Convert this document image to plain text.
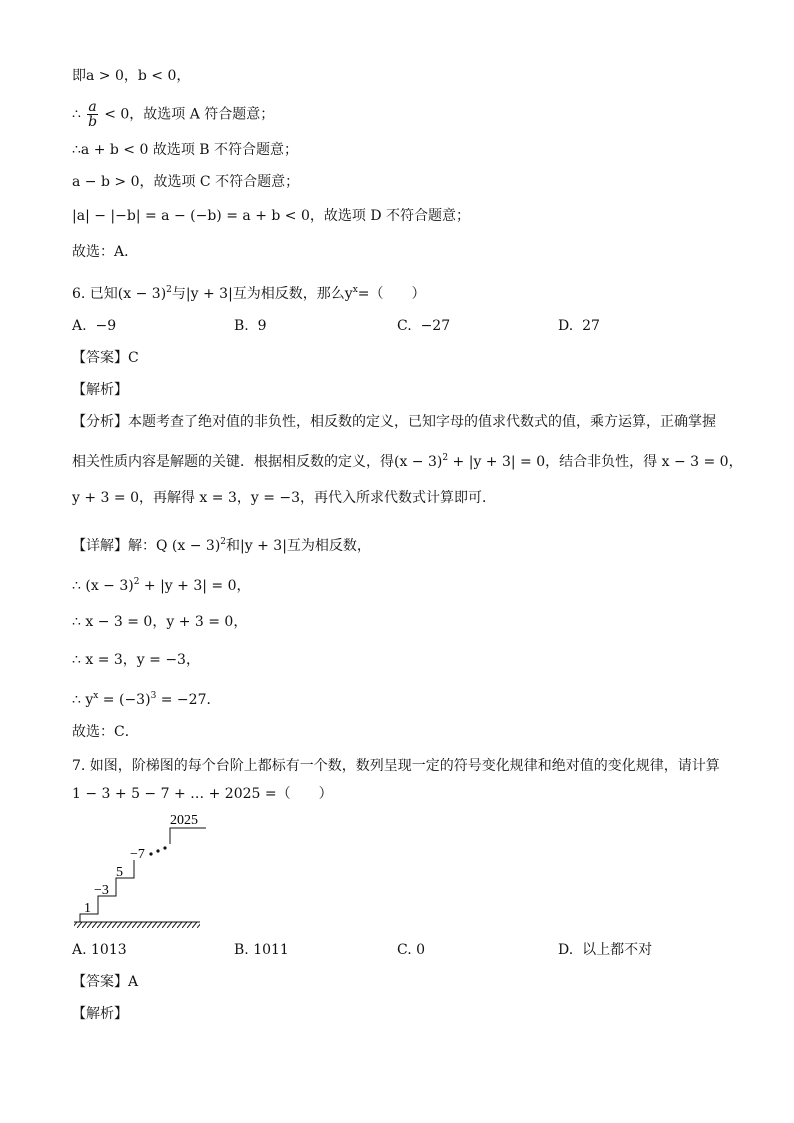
即a > 0，b < 0，
∴ $\frac{a}{b} < 0$，故选项 A 符合题意；
∴a + b < 0 故选项 B 不符合题意；
a − b > 0，故选项 C 不符合题意；
|a| − |−b| = a − (−b) = a + b < 0，故选项 D 不符合题意；
故选：A．
6. 已知$(x - 3)^2$与|y + 3|互为相反数，那么$y^x=$（　　）
A. −9	B. 9	C. −27	D. 27
【答案】C
【解析】
【分析】本题考查了绝对值的非负性，相反数的定义，已知字母的值求代数式的值，乘方运算，正确掌握
相关性质内容是解题的关键．根据相反数的定义，得$(x - 3)^2 + |y + 3| = 0$，结合非负性，得 x − 3 = 0，
y + 3 = 0，再解得 x = 3，y = −3，再代入所求代数式计算即可．
【详解】解：Q $(x - 3)^2$和|y + 3|互为相反数，
∴ $(x - 3)^2 + |y + 3| = 0$，
∴ x − 3 = 0，y + 3 = 0，
∴ x = 3，y = −3，
∴ $y^x = (-3)^3 = -27$．
故选：C．
7. 如图，阶梯图的每个台阶上都标有一个数，数列呈现一定的符号变化规律和绝对值的变化规律，请计算
1 − 3 + 5 − 7 + … + 2025 =（　　）
1
−3
5
−7
2025
A. 1013	B. 1011	C. 0	D. 以上都不对
【答案】A
【解析】
